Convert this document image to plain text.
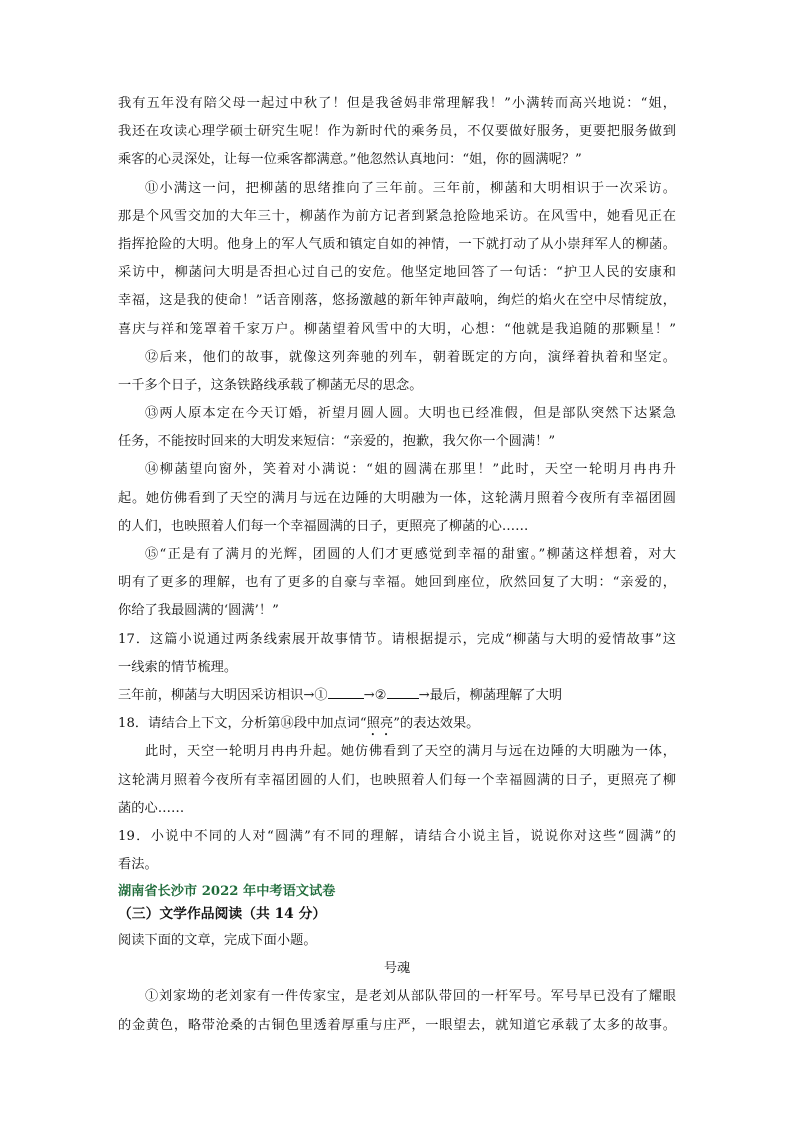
我有五年没有陪父母一起过中秋了！但是我爸妈非常理解我！”小满转而高兴地说：“姐，
我还在攻读心理学硕士研究生呢！作为新时代的乘务员，不仅要做好服务，更要把服务做到
乘客的心灵深处，让每一位乘客都满意。”他忽然认真地问：“姐，你的圆满呢？”
⑪小满这一问，把柳菡的思绪推向了三年前。三年前，柳菡和大明相识于一次采访。
那是个风雪交加的大年三十，柳菡作为前方记者到紧急抢险地采访。在风雪中，她看见正在
指挥抢险的大明。他身上的军人气质和镇定自如的神情，一下就打动了从小崇拜军人的柳菡。
采访中，柳菡问大明是否担心过自己的安危。他坚定地回答了一句话：“护卫人民的安康和
幸福，这是我的使命！”话音刚落，悠扬激越的新年钟声敲响，绚烂的焰火在空中尽情绽放，
喜庆与祥和笼罩着千家万户。柳菡望着风雪中的大明，心想：“他就是我追随的那颗星！”
⑫后来，他们的故事，就像这列奔驰的列车，朝着既定的方向，演绎着执着和坚定。
一千多个日子，这条铁路线承载了柳菡无尽的思念。
⑬两人原本定在今天订婚，祈望月圆人圆。大明也已经准假，但是部队突然下达紧急
任务，不能按时回来的大明发来短信：“亲爱的，抱歉，我欠你一个圆满！”
⑭柳菡望向窗外，笑着对小满说：“姐的圆满在那里！”此时，天空一轮明月冉冉升
起。她仿佛看到了天空的满月与远在边陲的大明融为一体，这轮满月照着今夜所有幸福团圆
的人们，也映照着人们每一个幸福圆满的日子，更照亮了柳菡的心……
⑮“正是有了满月的光辉，团圆的人们才更感觉到幸福的甜蜜。”柳菡这样想着，对大
明有了更多的理解，也有了更多的自豪与幸福。她回到座位，欣然回复了大明：“亲爱的，
你给了我最圆满的‘圆满’！”
17．这篇小说通过两条线索展开故事情节。请根据提示，完成“柳菡与大明的爱情故事”这
一线索的情节梳理。
三年前，柳菡与大明因采访相识→①	→② →最后，柳菡理解了大明
18．请结合上下文，分析第⑭段中加点词“照亮”的表达效果。
此时，天空一轮明月冉冉升起。她仿佛看到了天空的满月与远在边陲的大明融为一体，
这轮满月照着今夜所有幸福团圆的人们，也映照着人们每一个幸福圆满的日子，更照亮了柳
菡的心……
19．小说中不同的人对“圆满”有不同的理解，请结合小说主旨，说说你对这些“圆满”的
看法。
湖南省长沙市 2022 年中考语文试卷
（三）文学作品阅读（共 14 分）
阅读下面的文章，完成下面小题。
号魂
①刘家坳的老刘家有一件传家宝，是老刘从部队带回的一杆军号。军号早已没有了耀眼
的金黄色，略带沧桑的古铜色里透着厚重与庄严，一眼望去，就知道它承载了太多的故事。
